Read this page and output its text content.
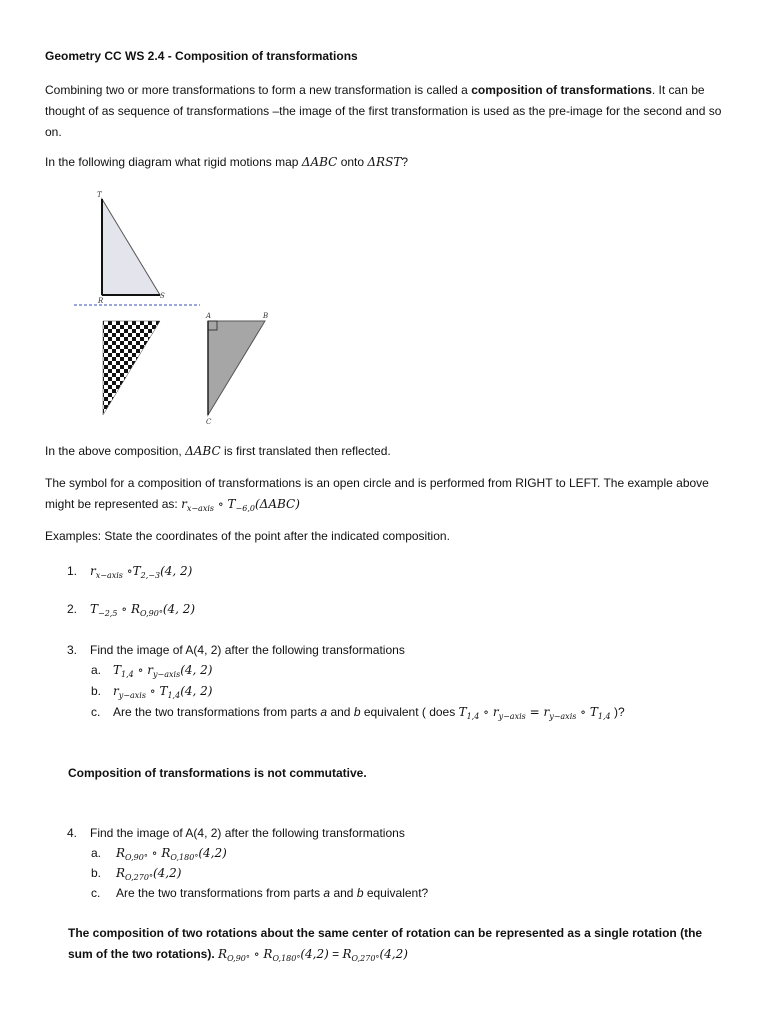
Geometry CC WS 2.4 - Composition of transformations
Combining two or more transformations to form a new transformation is called a composition of transformations. It can be thought of as sequence of transformations –the image of the first transformation is used as the pre-image for the second and so on.
In the following diagram what rigid motions map ΔABC onto ΔRST?
T
R
S
A	B
C
In the above composition, ΔABC is first translated then reflected.
The symbol for a composition of transformations is an open circle and is performed from RIGHT to LEFT. The example above might be represented as: $r_{x-axis}$ ∘ $T_{-6,0}(\Delta ABC)$
Examples: State the coordinates of the point after the indicated composition.
1.	$r_{x-axis}$ $\circ T_{2,-3}(4$, 2)
2.	$T_{-2,5}$ ∘ $R_{O,90^\circ}(4$, 2)
3.	Find the image of A(4, 2) after the following transformations
a. $T_{1,4}$ ∘ $r_{y-axis}(4$, 2)
b. $r_{y-axis}$ ∘ $T_{1,4}(4$, 2)
c.	Are the two transformations from parts a and b equivalent ( does $T_{1,4}$ ∘ $r_{y-axis} = r_{y-axis}$ ∘ $T_{1,4}$ )?
Composition of transformations is not commutative.
4.	Find the image of A(4, 2) after the following transformations
a.	$R_{O,90^\circ}$ ∘ $R_{O,180^\circ}(4,2)$
b.	$R_{O,270^\circ}(4,2)$
c.	Are the two transformations from parts a and b equivalent?
The composition of two rotations about the same center of rotation can be represented as a single rotation (the sum of the two rotations). $R_{O,90^\circ}$ ∘ $R_{O,180^\circ}(4,2) = R_{O,270^\circ}(4,2)$
